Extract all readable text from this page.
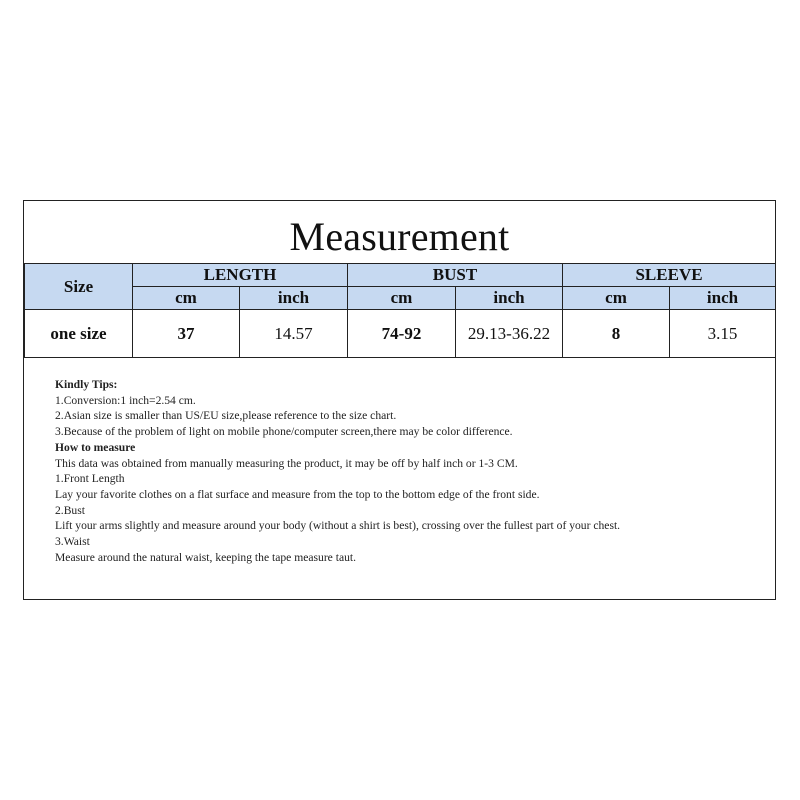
Measurement
Size	LENGTH		BUST		SLEEVE	
	cm	inch	cm	inch	cm	inch
one size	37	14.57	74-92	29.13-36.22	8	3.15
Kindly Tips:
1.Conversion:1 inch=2.54 cm.
2.Asian size is smaller than US/EU size,please reference to the size chart.
3.Because of the problem of light on mobile phone/computer screen,there may be color difference.
How to measure
This data was obtained from manually measuring the product, it may be off by half inch or 1-3 CM.
1.Front Length
Lay your favorite clothes on a flat surface and measure from the top to the bottom edge of the front side.
2.Bust
Lift your arms slightly and measure around your body (without a shirt is best), crossing over the fullest part of your chest.
3.Waist
Measure around the natural waist, keeping the tape measure taut.
